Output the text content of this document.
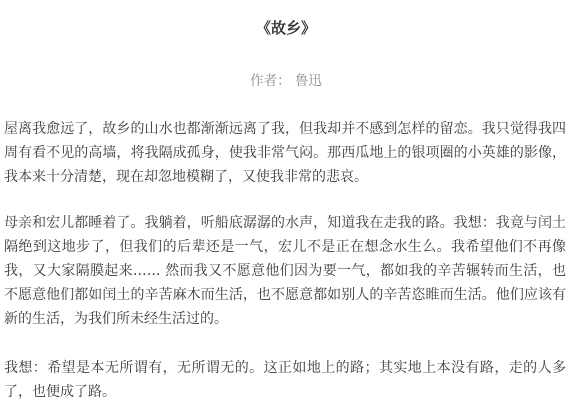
《故乡》
作者： 鲁迅

屋离我愈远了，故乡的山水也都渐渐远离了我，但我却并不感到怎样的留恋。我只觉得我四周有看不见的高墙，将我隔成孤身，使我非常气闷。那西瓜地上的银项圈的小英雄的影像，我本来十分清楚，现在却忽地模糊了，又使我非常的悲哀。

母亲和宏儿都睡着了。我躺着，听船底潺潺的水声，知道我在走我的路。我想：我竟与闰土隔绝到这地步了，但我们的后辈还是一气，宏儿不是正在想念水生么。我希望他们不再像我，又大家隔膜起来.….. 然而我又不愿意他们因为要一气，都如我的辛苦辗转而生活，也不愿意他们都如闰土的辛苦麻木而生活，也不愿意都如别人的辛苦恣睢而生活。他们应该有新的生活，为我们所未经生活过的。

我想：希望是本无所谓有，无所谓无的。这正如地上的路；其实地上本没有路，走的人多了，也便成了路。
